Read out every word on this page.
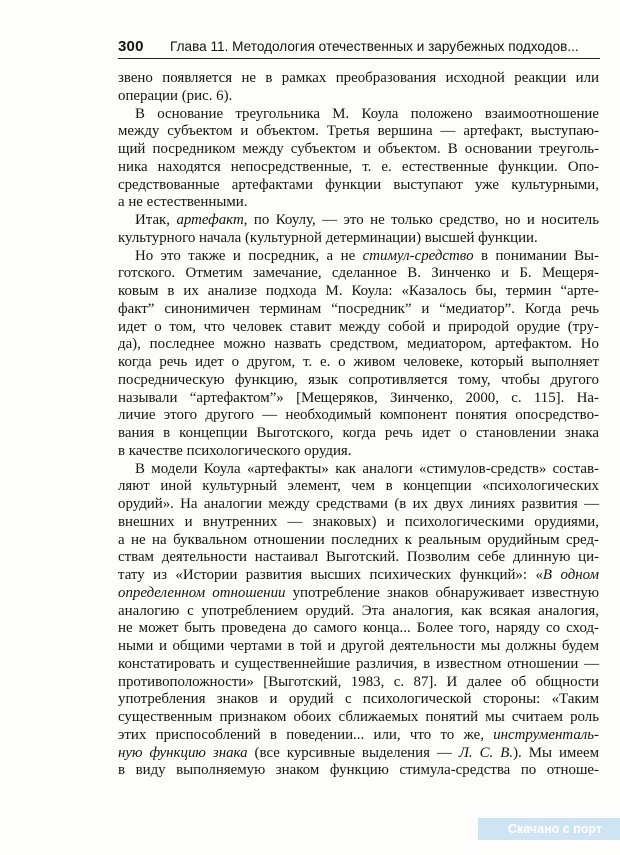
300 Глава 11. Методология отечественных и зарубежных подходов...

звено появляется не в рамках преобразования исходной реакции или
операции (рис. 6).

В основание треугольника М. Коула положено взаимоотношение
между субъектом и объектом. Третья вершина — артефакт, выступаю-
щий посредником между субъектом и объектом. В основании треуголь-
ника находятся непосредственные, т. е. естественные функции. Опо-
средствованные артефактами функции выступают уже культурными,
а не естественными.

Итак, артефакт, по Коулу, — это не только средство, но и носитель
культурного начала (культурной детерминации) высшей функции.

Но это также и посредник, а не стимул-средство в понимании Вы-
готского. Отметим замечание, сделанное В. Зинченко и Б. Мещеря-
ковым в их анализе подхода М. Коула: «Казалось бы, термин “арте-
факт” синонимичен терминам “посредник” и “медиатор”. Когда речь
идет о том, что человек ставит между собой и природой орудие (тру-
да), последнее можно назвать средством, медиатором, артефактом. Но
когда речь идет о другом, т. е. о живом человеке, который выполняет
посредническую функцию, язык сопротивляется тому, чтобы другого
называли “артефактом”» [Мещеряков, Зинченко, 2000, с. 115]. На-
личие этого другого — необходимый компонент понятия опосредство-
вания в концепции Выготского, когда речь идет о становлении знака
в качестве психологического орудия.

В модели Коула «артефакты» как аналоги «стимулов-средств» состав-
ляют иной культурный элемент, чем в концепции «психологических
орудий». На аналогии между средствами (в их двух линиях развития —
внешних и внутренних — знаковых) и психологическими орудиями,
а не на буквальном отношении последних к реальным орудийным сред-
ствам деятельности настаивал Выготский. Позволим себе длинную ци-
тату из «Истории развития высших психических функций»: «В одном
определенном отношении употребление знаков обнаруживает известную
аналогию с употреблением орудий. Эта аналогия, как всякая аналогия,
не может быть проведена до самого конца... Более того, наряду со сход-
ными и общими чертами в той и другой деятельности мы должны будем
констатировать и существеннейшие различия, в известном отношении —
противоположности» [Выготский, 1983, с. 87]. И далее об общности
употребления знаков и орудий с психологической стороны: «Таким
существенным признаком обоих сближаемых понятий мы считаем роль
этих приспособлений в поведении... или, что то же, инструменталь-
ную функцию знака (все курсивные выделения — Л. С. В.). Мы имеем
в виду выполняемую знаком функцию стимула-средства по отноше-

Скачано с порт
